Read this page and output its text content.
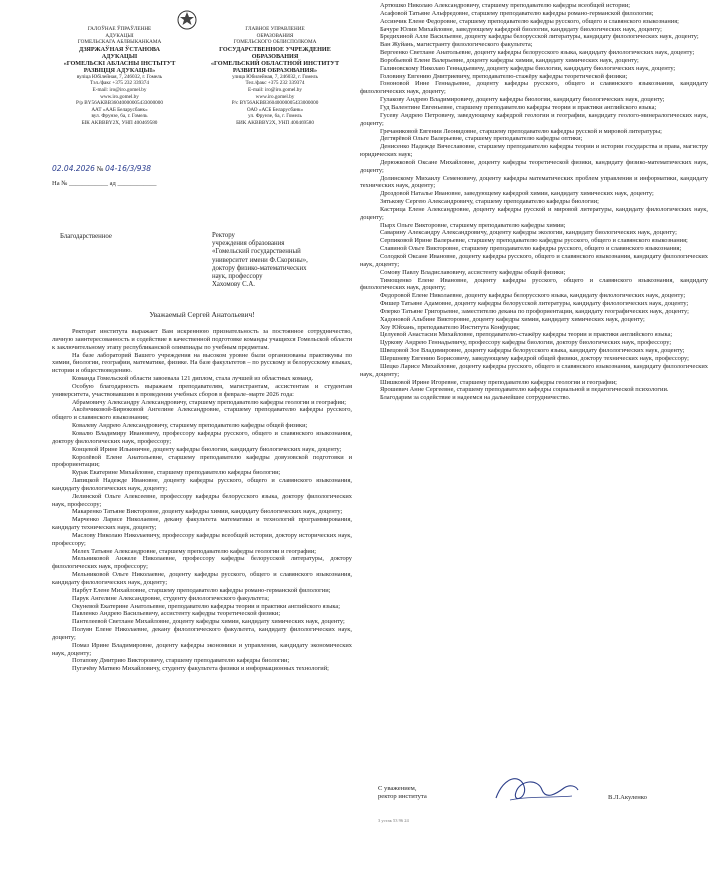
ГАЛОЎНАЕ ЎПРАЎЛЕННЕ
АДУКАЦЫІ
ГОМЕЛЬСКАГА АБЛВЫКАНКАМА
ДЗЯРЖАЎНАЯ ЎСТАНОВА
АДУКАЦЫІ
«ГОМЕЛЬСКІ АБЛАСНЫ ІНСТЫТУТ
РАЗВІЦЦЯ АДУКАЦЫІ»
вуліца Юбілейная, 7, 246032, г. Гомель
Тэл./факс +375 232 339374
E-mail: iro@iro.gomel.by
www.iro.gomel.by
Р/р BY56AKBB36040000005433000000
ААТ «ААБ Беларусбанк»
вул. Фрунзе, 6а, г. Гомель
БІК AKBBBY2X, УНП 400469580
ГЛАВНОЕ УПРАВЛЕНИЕ
ОБРАЗОВАНИЯ
ГОМЕЛЬСКОГО ОБЛИСПОЛКОМА
ГОСУДАРСТВЕННОЕ УЧРЕЖДЕНИЕ
ОБРАЗОВАНИЯ
«ГОМЕЛЬСКИЙ ОБЛАСТНОЙ ИНСТИТУТ
РАЗВИТИЯ ОБРАЗОВАНИЯ»
улица Юбилейная, 7, 246032, г. Гомель
Тел./факс +375 232 339374
E-mail: iro@iro.gomel.by
www.iro.gomel.by
Р/с BY56AKBB36040000005433000000
ОАО «АСБ Беларусбанк»
ул. Фрунзе, 6а, г. Гомель
БИК AKBBBY2X, УНП 400469580
02.04.2026 № 04-16/3/938
На № ____________ ад ____________
Благодарственное	Ректору
учреждения образования
«Гомельский государственный
университет имени Ф.Скорины»,
доктору физико-математических
наук, профессору
Хахомову С.А.
Уважаемый Сергей Анатольевич!

Ректорат института выражает Вам искреннюю признательность за постоянное сотрудничество, личную заинтересованность и содействие в качественной подготовке команды учащихся Гомельской области к заключительному этапу республиканской олимпиады по учебным предметам.

На базе лабораторий Вашего учреждения на высоком уровне были организованы практикумы по химии, биологии, географии, математике, физике. На базе факультетов – по русскому и белорусскому языках, истории и обществоведению.

Команда Гомельской области завоевала 121 диплом, стала лучшей из областных команд.

Особую благодарность выражаем преподавателям, магистрантам, ассистентам и студентам университета, участвовавшим в проведении учебных сборов в феврале–марте 2026 года:

Абрамовичу Александру Александровичу, старшему преподавателю кафедры геологии и географии;

Аксёнчиковой-Бирюковой Ангелине Александровне, старшему преподавателю кафедры русского, общего и славянского языкознания;

Ковалеву Андрею Александровичу, старшему преподавателю кафедры общей физики;

Ковалю Владимиру Ивановичу, профессору кафедры русского, общего и славянского языкознания, доктору филологических наук, профессору;

Концевой Ирине Ильиничне, доценту кафедры биологии, кандидату биологических наук, доценту;

Королёвой Елене Анатольевне, старшему преподавателю кафедры довузовской подготовки и профориентации;

Курак Екатерине Михайловне, старшему преподавателю кафедры биологии;

Лапицкой Надежде Ивановне, доценту кафедры русского, общего и славянского языкознания, кандидату филологических наук, доценту;

Лелинской Ольге Алексеевне, профессору кафедры белорусского языка, доктору филологических наук, профессору;

Макаренко Татьяне Викторовне, доценту кафедры химии, кандидату биологических наук, доценту;

Марченко Ларисе Николаевне, декану факультета математики и технологий программирования, кандидату технических наук, доценту;

Маслову Николаю Николаевичу, профессору кафедры всеобщей истории, доктору исторических наук, профессору;

Мелех Татьяне Александровне, старшему преподавателю кафедры геологии и географии;

Мельниковой Анжеле Николаевне, профессору кафедры белорусской литературы, доктору филологических наук, профессору;

Мельниковой Ольге Николаевне, доценту кафедры русского, общего и славянского языкознания, кандидату филологических наук, доценту;

Нарбут Елене Михайловне, старшему преподавателю кафедры романо-германской филологии;

Парук Ангелине Александровне, студенту филологического факультета;

Окуневой Екатерине Анатольевне, преподавателю кафедры теории и практики английского языка;

Павленко Андрею Васильевичу, ассистенту кафедры теоретической физики;

Пантелеевой Светлане Михайловне, доценту кафедры химии, кандидату химических наук, доценту;

Полуян Елене Николаевне, декану филологического факультета, кандидату филологических наук, доценту;

Помаз Ирине Владимировне, доценту кафедры экономики и управления, кандидату экономических наук, доценту;

Потапову Дмитрию Викторовичу, старшему преподавателю кафедры биологии;

Пугачёву Матвею Михайловичу, студенту факультета физики и информационных технологий;

Артюшко Николаю Александровичу, старшему преподавателю кафедры всеобщей истории;

Асафовой Татьяне Альфредовне, старшему преподавателю кафедры романо-германской филологии;

Ассинчик Елене Федоровне, старшему преподавателю кафедры русского, общего и славянского языкознания;

Бачуре Юлии Михайловне, заведующему кафедрой биологии, кандидату биологических наук, доценту;

Бредихиной Алле Васильевне, доценту кафедры белорусской литературы, кандидату филологических наук, доценту;

Ван Жуйань, магистранту филологического факультета;

Вергеенко Светлане Анатольевне, доценту кафедры белорусского языка, кандидату филологических наук, доценту;

Воробьевой Елене Валерьевне, доценту кафедры химии, кандидату химических наук, доценту;

Галиновскому Николаю Геннадьевичу, доценту кафедры биологии, кандидату биологических наук, доценту;

Головину Евгению Дмитриевичу, преподавателю-стажёру кафедры теоретической физики;

Гононовой Инне Геннадьевне, доценту кафедры русского, общего и славянского языкознания, кандидату филологических наук, доценту;

Гулакову Андрею Владимировичу, доценту кафедры биологии, кандидату биологических наук, доценту;

Гуд Валентине Евгеньевне, старшему преподавателю кафедры теории и практики английского языка;

Гусеву Андрею Петровичу, заведующему кафедрой геологии и географии, кандидату геолого-минералогических наук, доценту;

Гречаниковой Евгении Леонидовне, старшему преподавателю кафедры русской и мировой литературы;

Дегтярёвой Ольге Валерьевне, старшему преподавателю кафедры оптики;

Денисенко Надежде Вячеславовне, старшему преподавателю кафедры теории и истории государства и права, магистру юридических наук;

Дерюжковой Оксане Михайловне, доценту кафедры теоретической физики, кандидату физико-математических наук, доценту;

Долинскому Михаилу Семеновичу, доценту кафедры математических проблем управления и информатики, кандидату технических наук, доценту;

Дроздовой Наталье Ивановне, заведующему кафедрой химии, кандидату химических наук, доценту;

Зятькову Сергею Александровичу, старшему преподавателю кафедры биологии;

Кастрица Елене Александровне, доценту кафедры русской и мировой литературы, кандидату филологических наук, доценту;

Пырх Ольге Викторовне, старшему преподавателю кафедры химии;

Саварину Александру Александровичу, доценту кафедры экологии, кандидату биологических наук, доценту;

Серпиковой Ирине Валерьевне, старшему преподавателю кафедры русского, общего и славянского языкознания;

Славиной Ольге Викторовне, старшему преподавателю кафедры русского, общего и славянского языкознания;

Солодкой Оксане Ивановне, доценту кафедры русского, общего и славянского языкознания, кандидату филологических наук, доценту;

Сомову Павлу Владиславовичу, ассистенту кафедры общей физики;

Тимощенко Елене Ивановне, доценту кафедры русского, общего и славянского языкознания, кандидату филологических наук, доценту;

Федоровой Елене Николаевне, доценту кафедры белорусского языка, кандидату филологических наук, доценту;

Фишер Татьяне Адамовне, доценту кафедры белорусской литературы, кандидату филологических наук, доценту;

Флерко Татьяне Григорьевне, заместителю декана по профориентации, кандидату географических наук, доценту;

Хадоновой Альбине Викторовне, доценту кафедры химии, кандидату химических наук, доценту;

Хоу Юйхань, преподавателю Института Конфуция;

Целуевой Анастасии Михайловне, преподавателю-стажёру кафедры теории и практики английского языка;

Цуркову Андрею Геннадьевичу, профессору кафедры биологии, доктору биологических наук, профессору;

Швецовой Зое Владимировне, доценту кафедры белорусского языка, кандидату филологических наук, доценту;

Шершневу Евгению Борисовичу, заведующему кафедрой общей физики, доктору технических наук, профессору;

Шецко Ларисе Михайловне, доценту кафедры русского, общего и славянского языкознания, кандидату филологических наук, доценту;

Шишковой Ирине Игоревне, старшему преподавателю кафедры геологии и географии;

Ярошевич Анне Сергеевне, старшему преподавателю кафедры социальной и педагогической психологии.

Благодарим за содействие и надеемся на дальнейшее сотрудничество.

С уважением,
ректор института	В.Л.Акуленко
3 устак 53 96 24
